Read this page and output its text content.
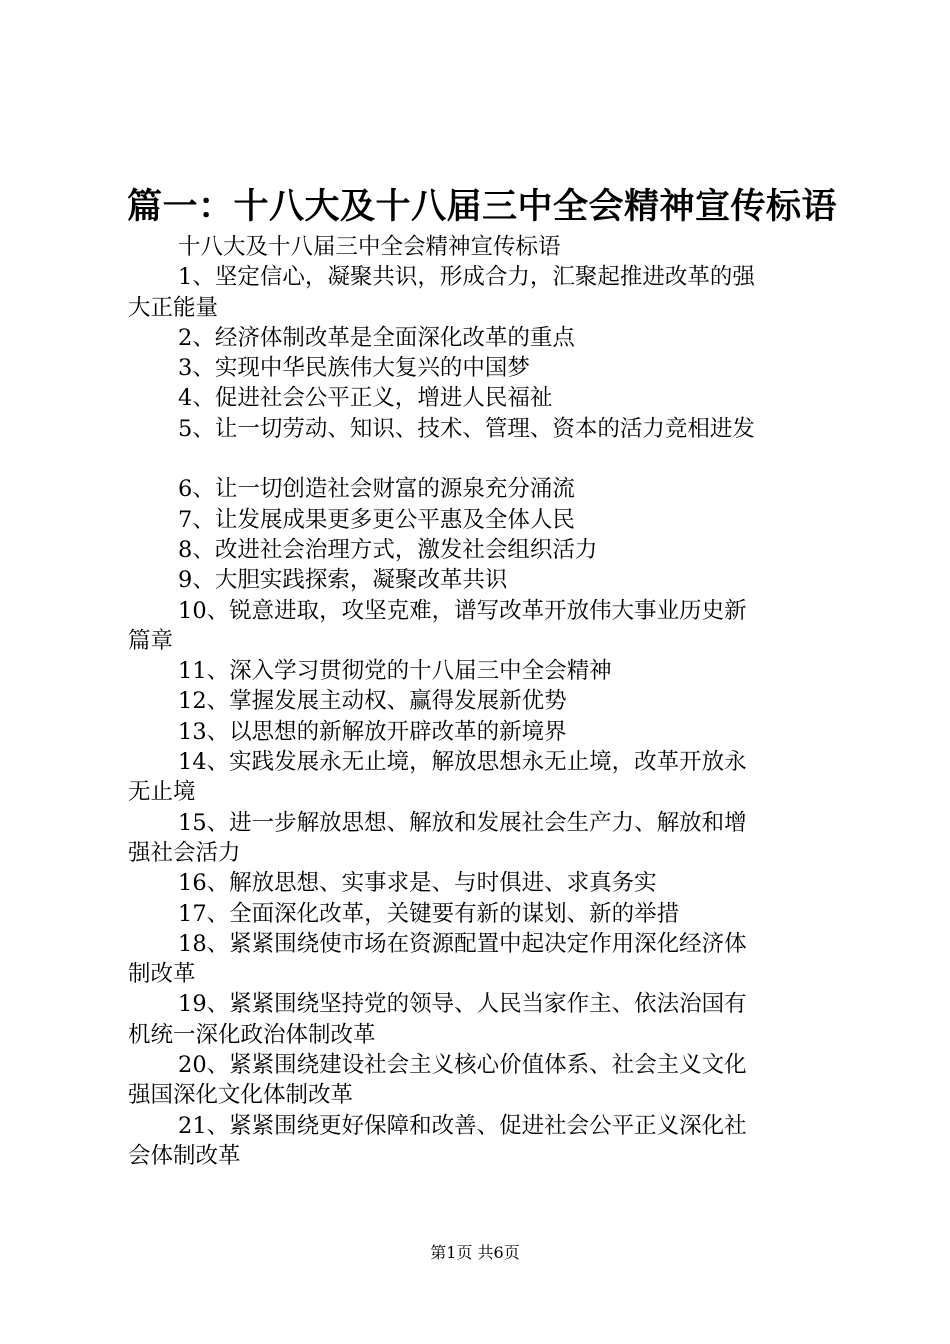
篇一：十八大及十八届三中全会精神宣传标语
十八大及十八届三中全会精神宣传标语
1、坚定信心，凝聚共识，形成合力，汇聚起推进改革的强
大正能量
2、经济体制改革是全面深化改革的重点
3、实现中华民族伟大复兴的中国梦
4、促进社会公平正义，增进人民福祉
5、让一切劳动、知识、技术、管理、资本的活力竞相进发
6、让一切创造社会财富的源泉充分涌流
7、让发展成果更多更公平惠及全体人民
8、改进社会治理方式，激发社会组织活力
9、大胆实践探索，凝聚改革共识
10、锐意进取，攻坚克难，谱写改革开放伟大事业历史新
篇章
11、深入学习贯彻党的十八届三中全会精神
12、掌握发展主动权、赢得发展新优势
13、以思想的新解放开辟改革的新境界
14、实践发展永无止境，解放思想永无止境，改革开放永
无止境
15、进一步解放思想、解放和发展社会生产力、解放和增
强社会活力
16、解放思想、实事求是、与时俱进、求真务实
17、全面深化改革，关键要有新的谋划、新的举措
18、紧紧围绕使市场在资源配置中起决定作用深化经济体
制改革
19、紧紧围绕坚持党的领导、人民当家作主、依法治国有
机统一深化政治体制改革
20、紧紧围绕建设社会主义核心价值体系、社会主义文化
强国深化文化体制改革
21、紧紧围绕更好保障和改善、促进社会公平正义深化社
会体制改革
第1页 共6页
